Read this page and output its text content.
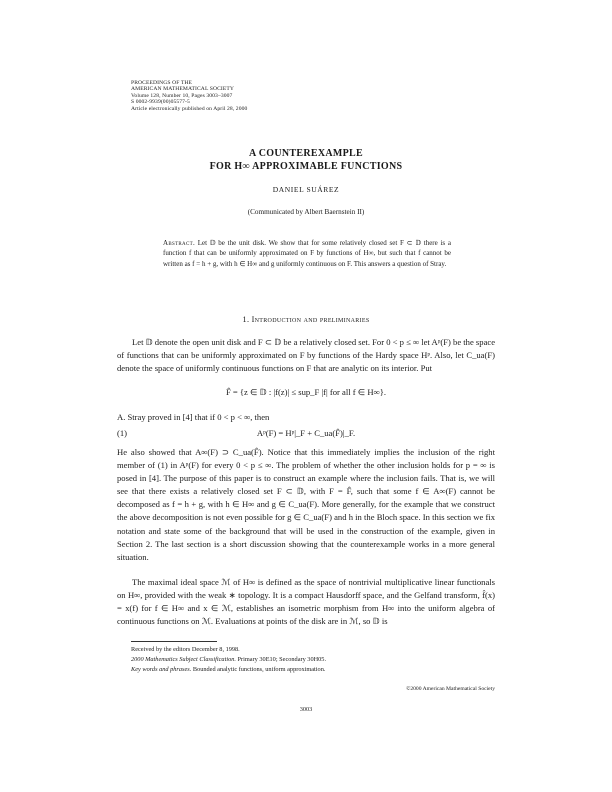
PROCEEDINGS OF THE
AMERICAN MATHEMATICAL SOCIETY
Volume 128, Number 10, Pages 3003–3007
S 0002-9939(00)05577-5
Article electronically published on April 28, 2000
A COUNTEREXAMPLE
FOR H∞ APPROXIMABLE FUNCTIONS
DANIEL SUÁREZ
(Communicated by Albert Baernstein II)
Abstract. Let 𝔻 be the unit disk. We show that for some relatively closed set F ⊂ 𝔻 there is a function f that can be uniformly approximated on F by functions of H∞, but such that f cannot be written as f = h + g, with h ∈ H∞ and g uniformly continuous on F. This answers a question of Stray.
1. Introduction and preliminaries

Let 𝔻 denote the open unit disk and F ⊂ 𝔻 be a relatively closed set. For 0 < p ≤ ∞ let Aᵖ(F) be the space of functions that can be uniformly approximated on F by functions of the Hardy space Hᵖ. Also, let C_ua(F) denote the space of uniformly continuous functions on F that are analytic on its interior. Put

F̂ = {z ∈ 𝔻 : |f(z)| ≤ sup_F |f| for all f ∈ H∞}.

A. Stray proved in [4] that if 0 < p < ∞, then

(1)	Aᵖ(F) = Hᵖ|_F + C_ua(F̂)|_F.

He also showed that A∞(F) ⊃ C_ua(F̂). Notice that this immediately implies the inclusion of the right member of (1) in Aᵖ(F) for every 0 < p ≤ ∞. The problem of whether the other inclusion holds for p = ∞ is posed in [4]. The purpose of this paper is to construct an example where the inclusion fails. That is, we will see that there exists a relatively closed set F ⊂ 𝔻, with F = F̂, such that some f ∈ A∞(F) cannot be decomposed as f = h + g, with h ∈ H∞ and g ∈ C_ua(F). More generally, for the example that we construct the above decomposition is not even possible for g ∈ C_ua(F) and h in the Bloch space. In this section we fix notation and state some of the background that will be used in the construction of the example, given in Section 2. The last section is a short discussion showing that the counterexample works in a more general situation.

The maximal ideal space ℳ of H∞ is defined as the space of nontrivial multiplicative linear functionals on H∞, provided with the weak ∗ topology. It is a compact Hausdorff space, and the Gelfand transform, f̂(x) = x(f) for f ∈ H∞ and x ∈ ℳ, establishes an isometric morphism from H∞ into the uniform algebra of continuous functions on ℳ. Evaluations at points of the disk are in ℳ, so 𝔻 is

Received by the editors December 8, 1998.
2000 Mathematics Subject Classification. Primary 30E10; Secondary 30H05.
Key words and phrases. Bounded analytic functions, uniform approximation.
©2000 American Mathematical Society
3003
